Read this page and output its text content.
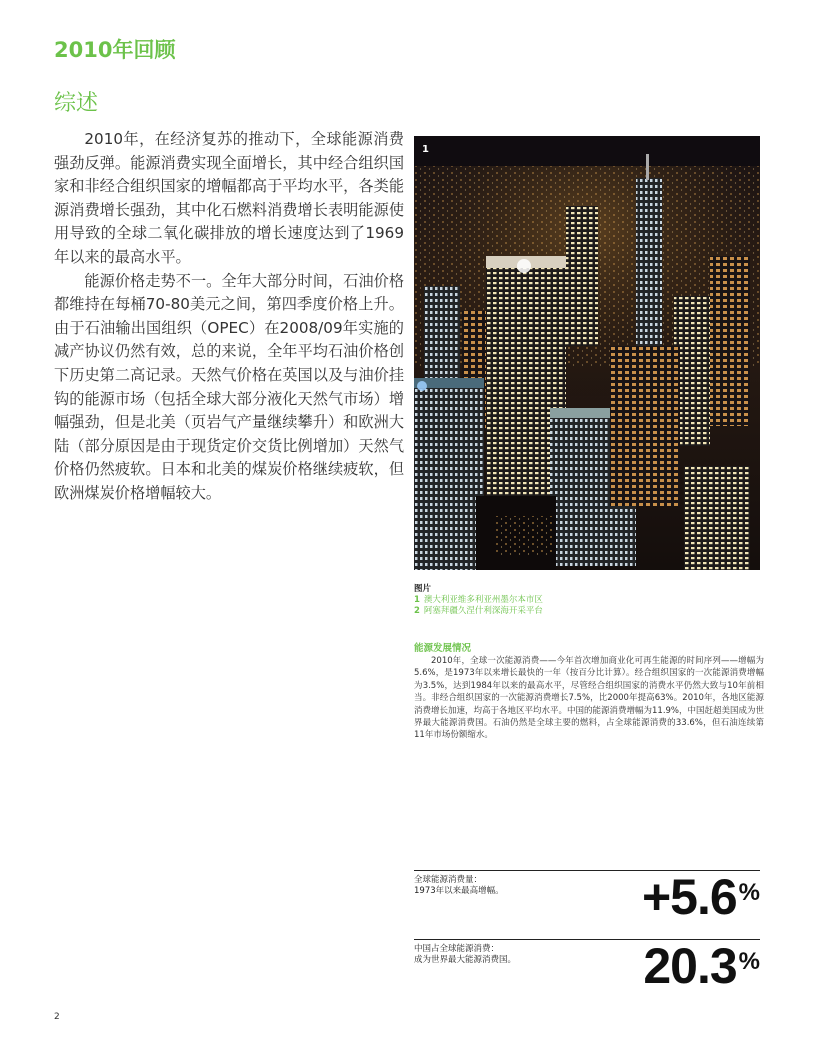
2010年回顾
综述

2010年，在经济复苏的推动下，全球能源消费强劲反弹。能源消费实现全面增长，其中经合组织国家和非经合组织国家的增幅都高于平均水平，各类能源消费增长强劲，其中化石燃料消费增长表明能源使用导致的全球二氧化碳排放的增长速度达到了1969年以来的最高水平。

能源价格走势不一。全年大部分时间，石油价格都维持在每桶70-80美元之间，第四季度价格上升。由于石油输出国组织（OPEC）在2008/09年实施的减产协议仍然有效，总的来说，全年平均石油价格创下历史第二高记录。天然气价格在英国以及与油价挂钩的能源市场（包括全球大部分液化天然气市场）增幅强劲，但是北美（页岩气产量继续攀升）和欧洲大陆（部分原因是由于现货定价交货比例增加）天然气价格仍然疲软。日本和北美的煤炭价格继续疲软，但欧洲煤炭价格增幅较大。

1
图片
1 澳大利亚维多利亚州墨尔本市区
2 阿塞拜疆久涅什利深海开采平台
能源发展情况

2010年，全球一次能源消费——今年首次增加商业化可再生能源的时间序列——增幅为5.6%，是1973年以来增长最快的一年（按百分比计算）。经合组织国家的一次能源消费增幅为3.5%，达到1984年以来的最高水平，尽管经合组织国家的消费水平仍然大致与10年前相当。非经合组织国家的一次能源消费增长7.5%，比2000年提高63%。2010年，各地区能源消费增长加速，均高于各地区平均水平。中国的能源消费增幅为11.9%，中国赶超美国成为世界最大能源消费国。石油仍然是全球主要的燃料，占全球能源消费的33.6%，但石油连续第11年市场份额缩水。

全球能源消费量：
1973年以来最高增幅。	+5.6%
中国占全球能源消费：
成为世界最大能源消费国。	20.3%
2
